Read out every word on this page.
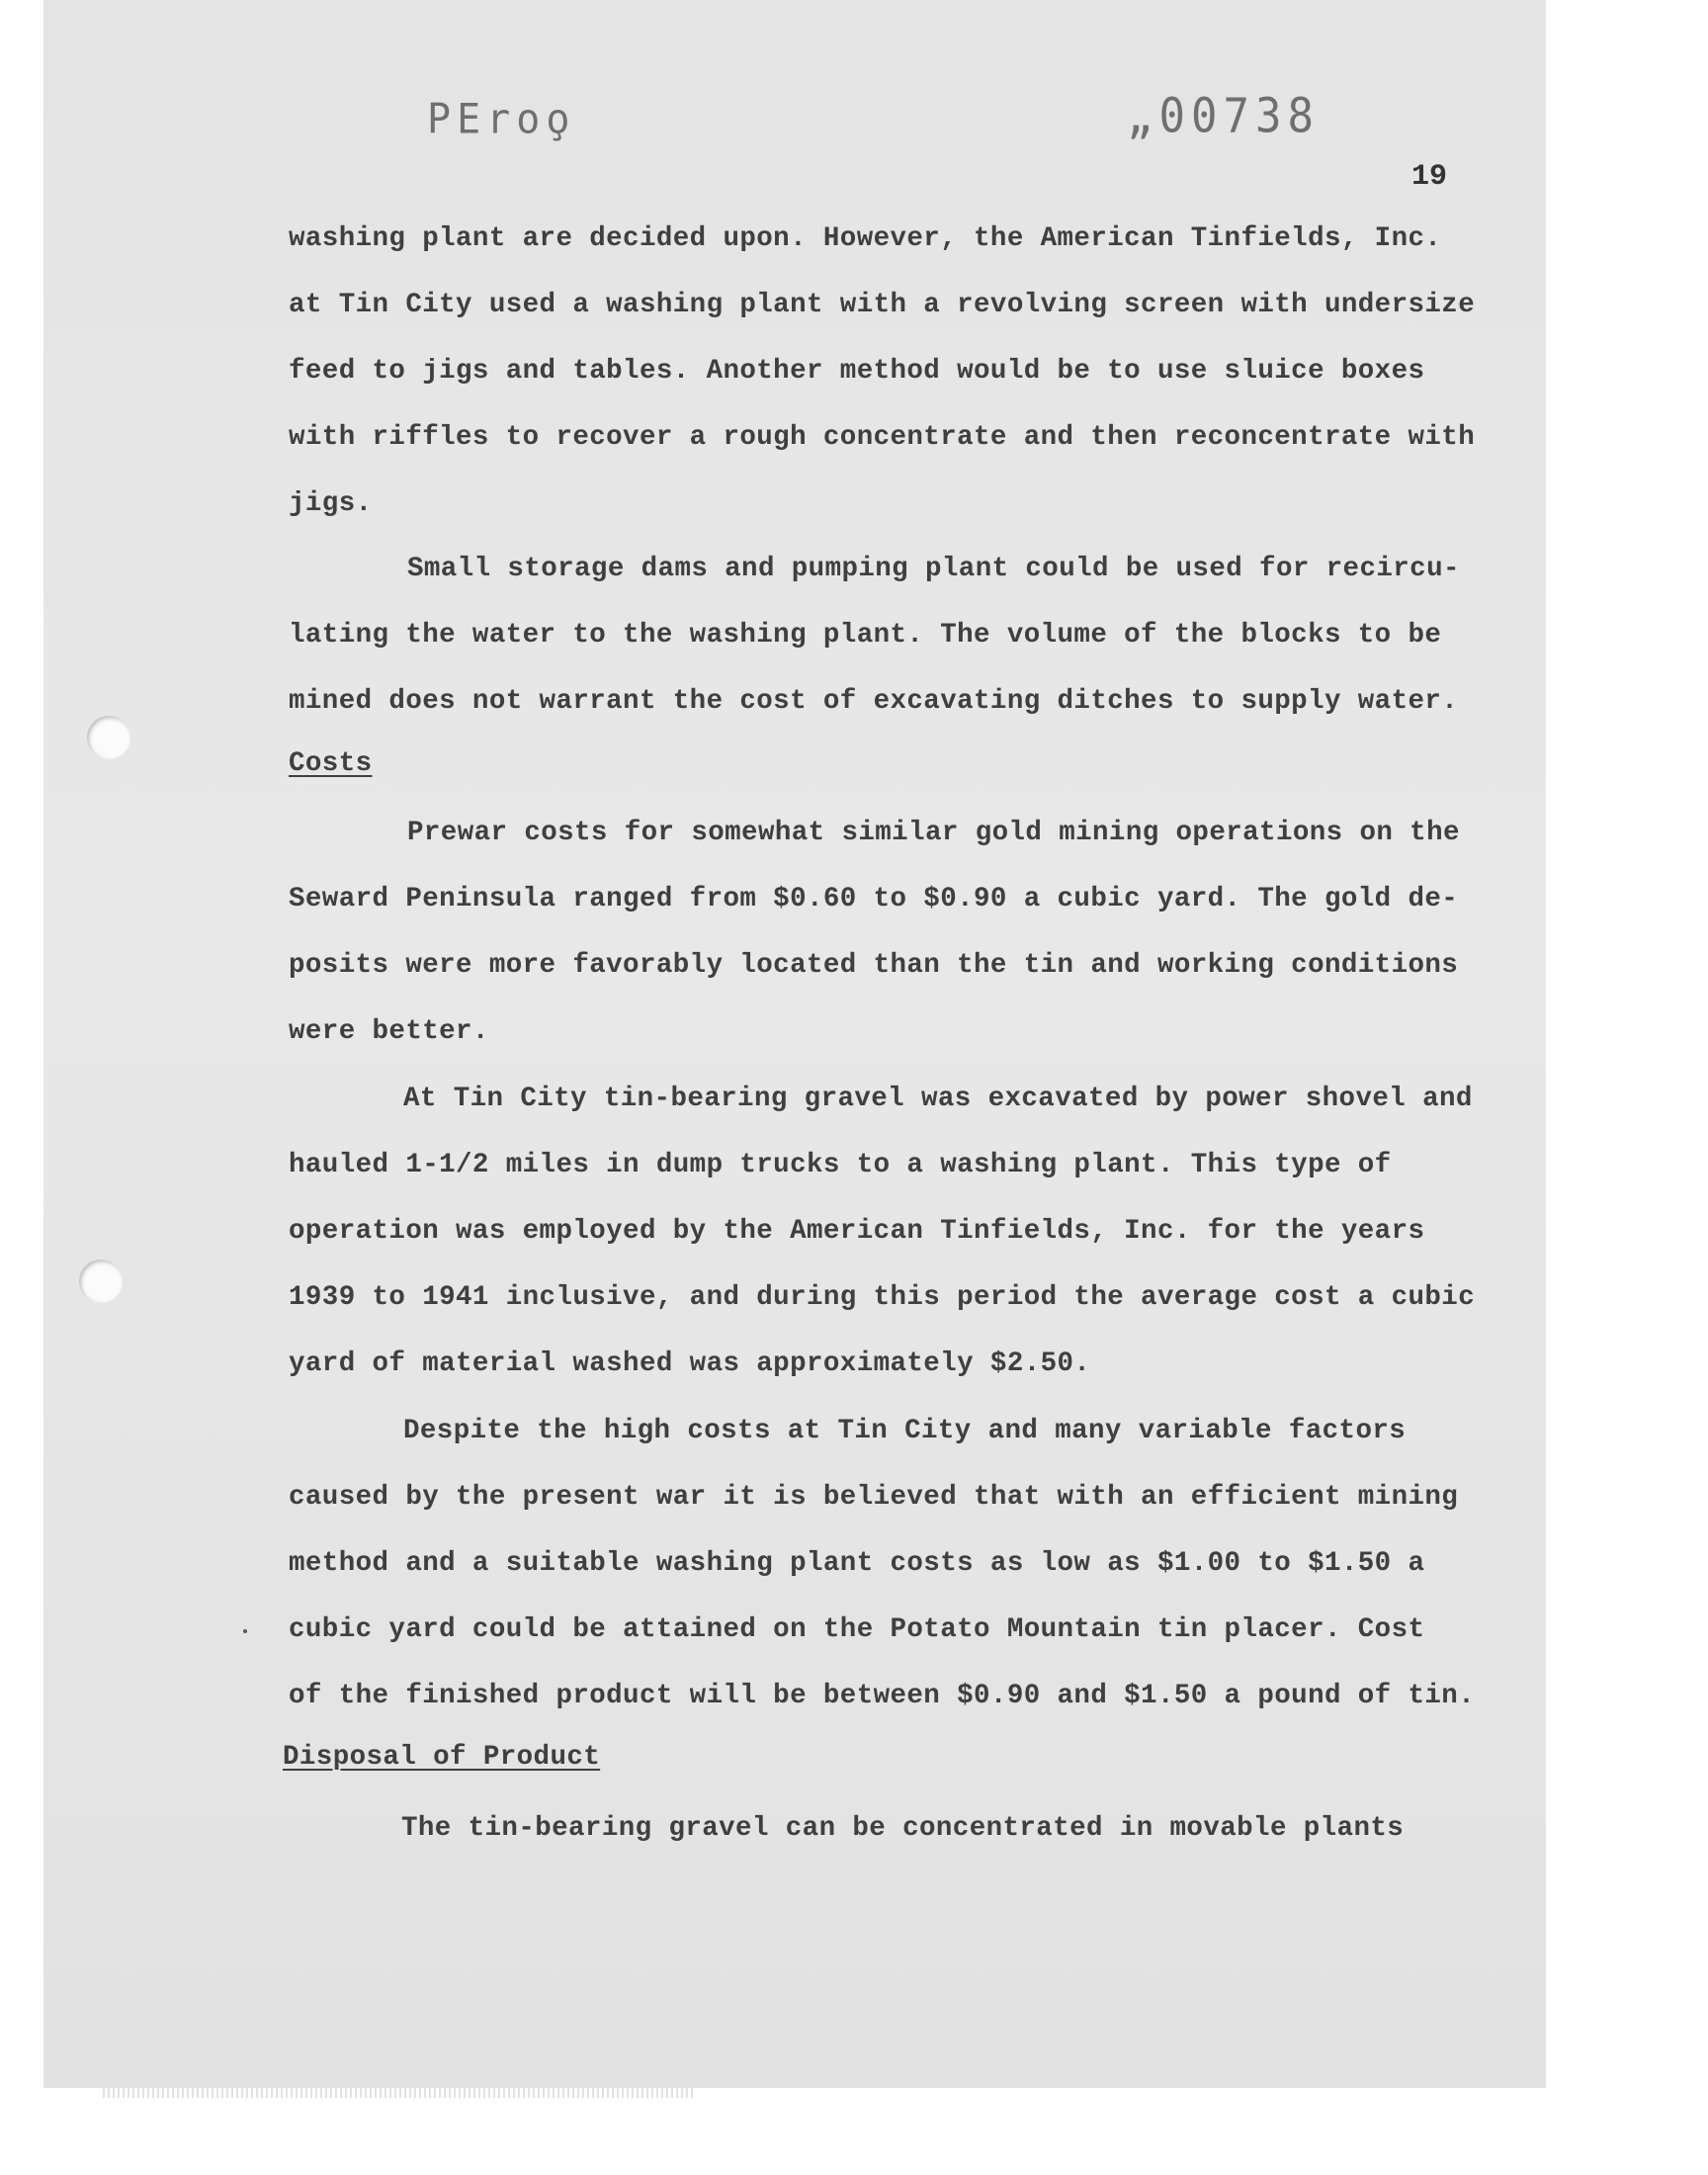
PEroo̧	„00738
19
washing plant are decided upon. However, the American Tinfields, Inc.
at Tin City used a washing plant with a revolving screen with undersize
feed to jigs and tables. Another method would be to use sluice boxes
with riffles to recover a rough concentrate and then reconcentrate with
jigs.
Small storage dams and pumping plant could be used for recircu-
lating the water to the washing plant. The volume of the blocks to be
mined does not warrant the cost of excavating ditches to supply water.
Costs
Prewar costs for somewhat similar gold mining operations on the
Seward Peninsula ranged from $0.60 to $0.90 a cubic yard. The gold de-
posits were more favorably located than the tin and working conditions
were better.
At Tin City tin-bearing gravel was excavated by power shovel and
hauled 1-1/2 miles in dump trucks to a washing plant. This type of
operation was employed by the American Tinfields, Inc. for the years
1939 to 1941 inclusive, and during this period the average cost a cubic
yard of material washed was approximately $2.50.
Despite the high costs at Tin City and many variable factors
caused by the present war it is believed that with an efficient mining
method and a suitable washing plant costs as low as $1.00 to $1.50 a
cubic yard could be attained on the Potato Mountain tin placer. Cost
of the finished product will be between $0.90 and $1.50 a pound of tin.
Disposal of Product
The tin-bearing gravel can be concentrated in movable plants
